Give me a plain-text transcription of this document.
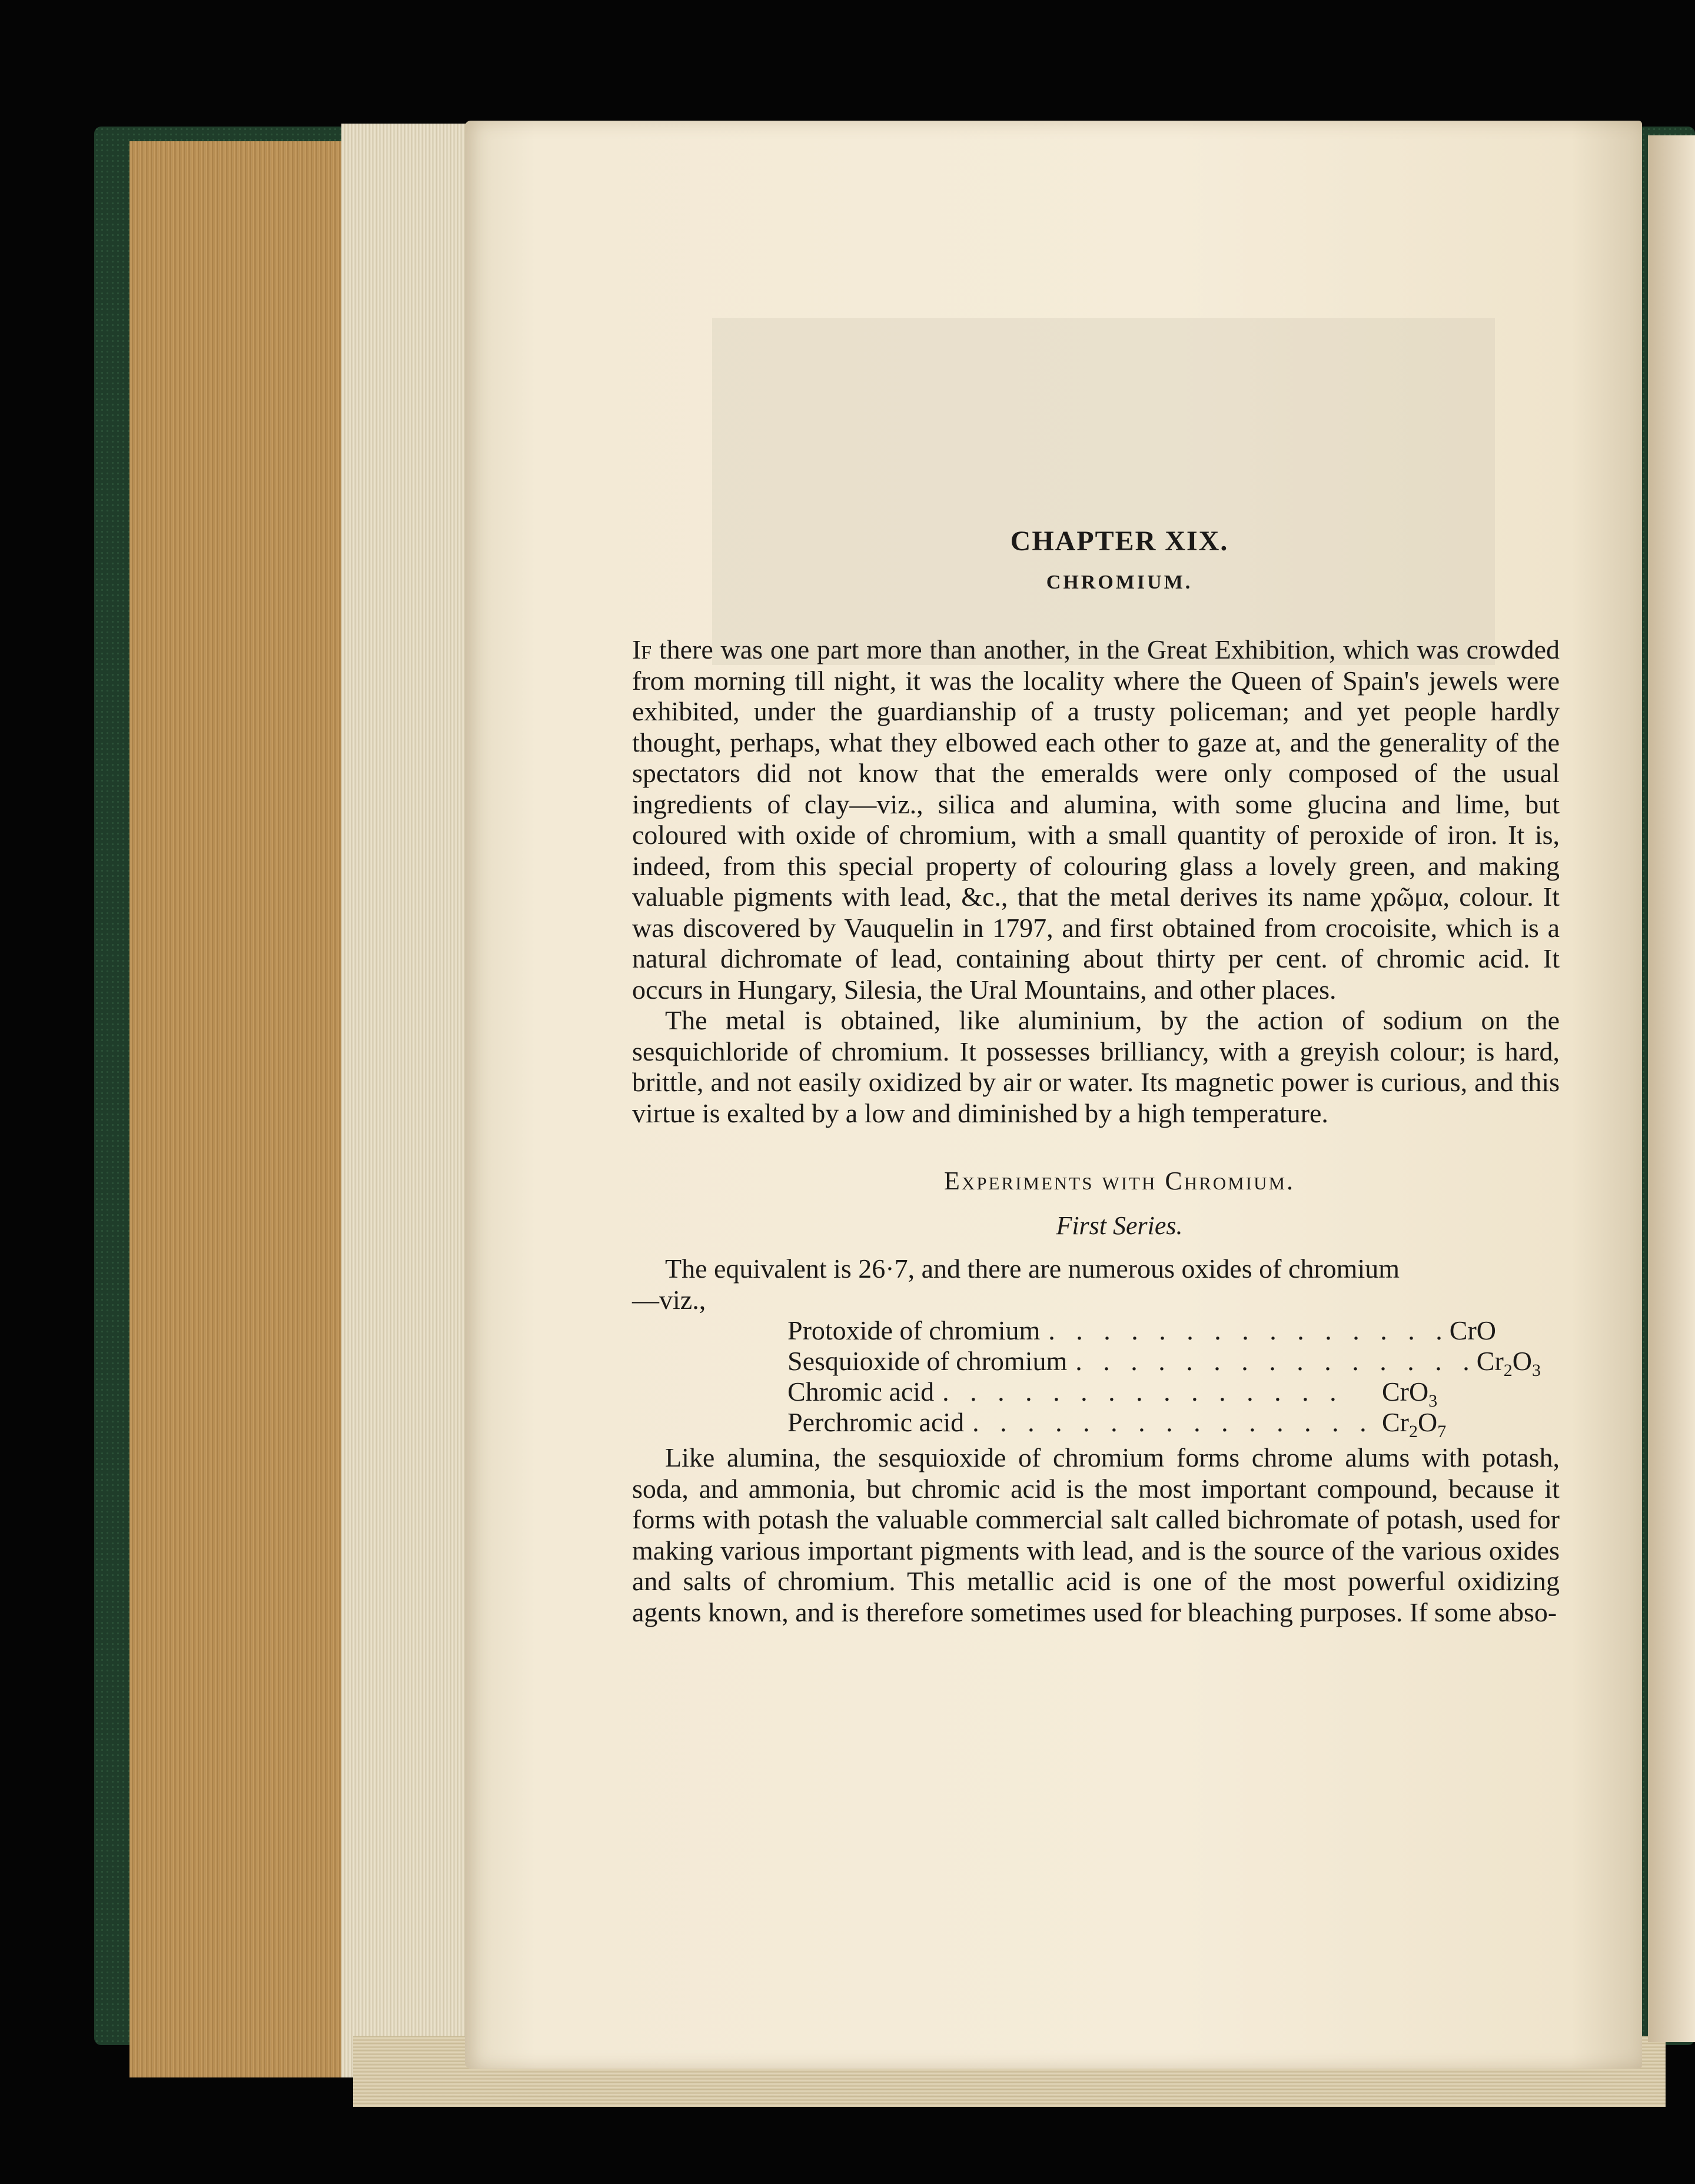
CHAPTER XIX.
CHROMIUM.

If there was one part more than another, in the Great Exhibition, which was crowded from morning till night, it was the locality where the Queen of Spain's jewels were exhibited, under the guardianship of a trusty policeman; and yet people hardly thought, perhaps, what they elbowed each other to gaze at, and the generality of the spectators did not know that the emeralds were only composed of the usual ingredients of clay—viz., silica and alumina, with some glucina and lime, but coloured with oxide of chromium, with a small quantity of peroxide of iron. It is, indeed, from this special property of colouring glass a lovely green, and making valuable pigments with lead, &c., that the metal derives its name χρῶμα, colour. It was discovered by Vauquelin in 1797, and first obtained from crocoisite, which is a natural dichromate of lead, containing about thirty per cent. of chromic acid. It occurs in Hungary, Silesia, the Ural Mountains, and other places.

The metal is obtained, like aluminium, by the action of sodium on the sesquichloride of chromium. It possesses brilliancy, with a greyish colour; is hard, brittle, and not easily oxidized by air or water. Its magnetic power is curious, and this virtue is exalted by a low and diminished by a high temperature.

Experiments with Chromium.
First Series.

The equivalent is 26·7, and there are numerous oxides of chromium

—viz.,

Protoxide of chromium . . . . . . . . . . . . . . . CrO
Sesquioxide of chromium . . . . . . . . . . . . . . . $Cr_2O_3$
Chromic acid . . . . . . . . . . . . . . .	CrO$_3$
Perchromic acid . . . . . . . . . . . . . . . $Cr_2O_7$

Like alumina, the sesquioxide of chromium forms chrome alums with potash, soda, and ammonia, but chromic acid is the most important compound, because it forms with potash the valuable commercial salt called bichromate of potash, used for making various important pigments with lead, and is the source of the various oxides and salts of chromium. This metallic acid is one of the most powerful oxidizing agents known, and is therefore sometimes used for bleaching purposes. If some abso-
